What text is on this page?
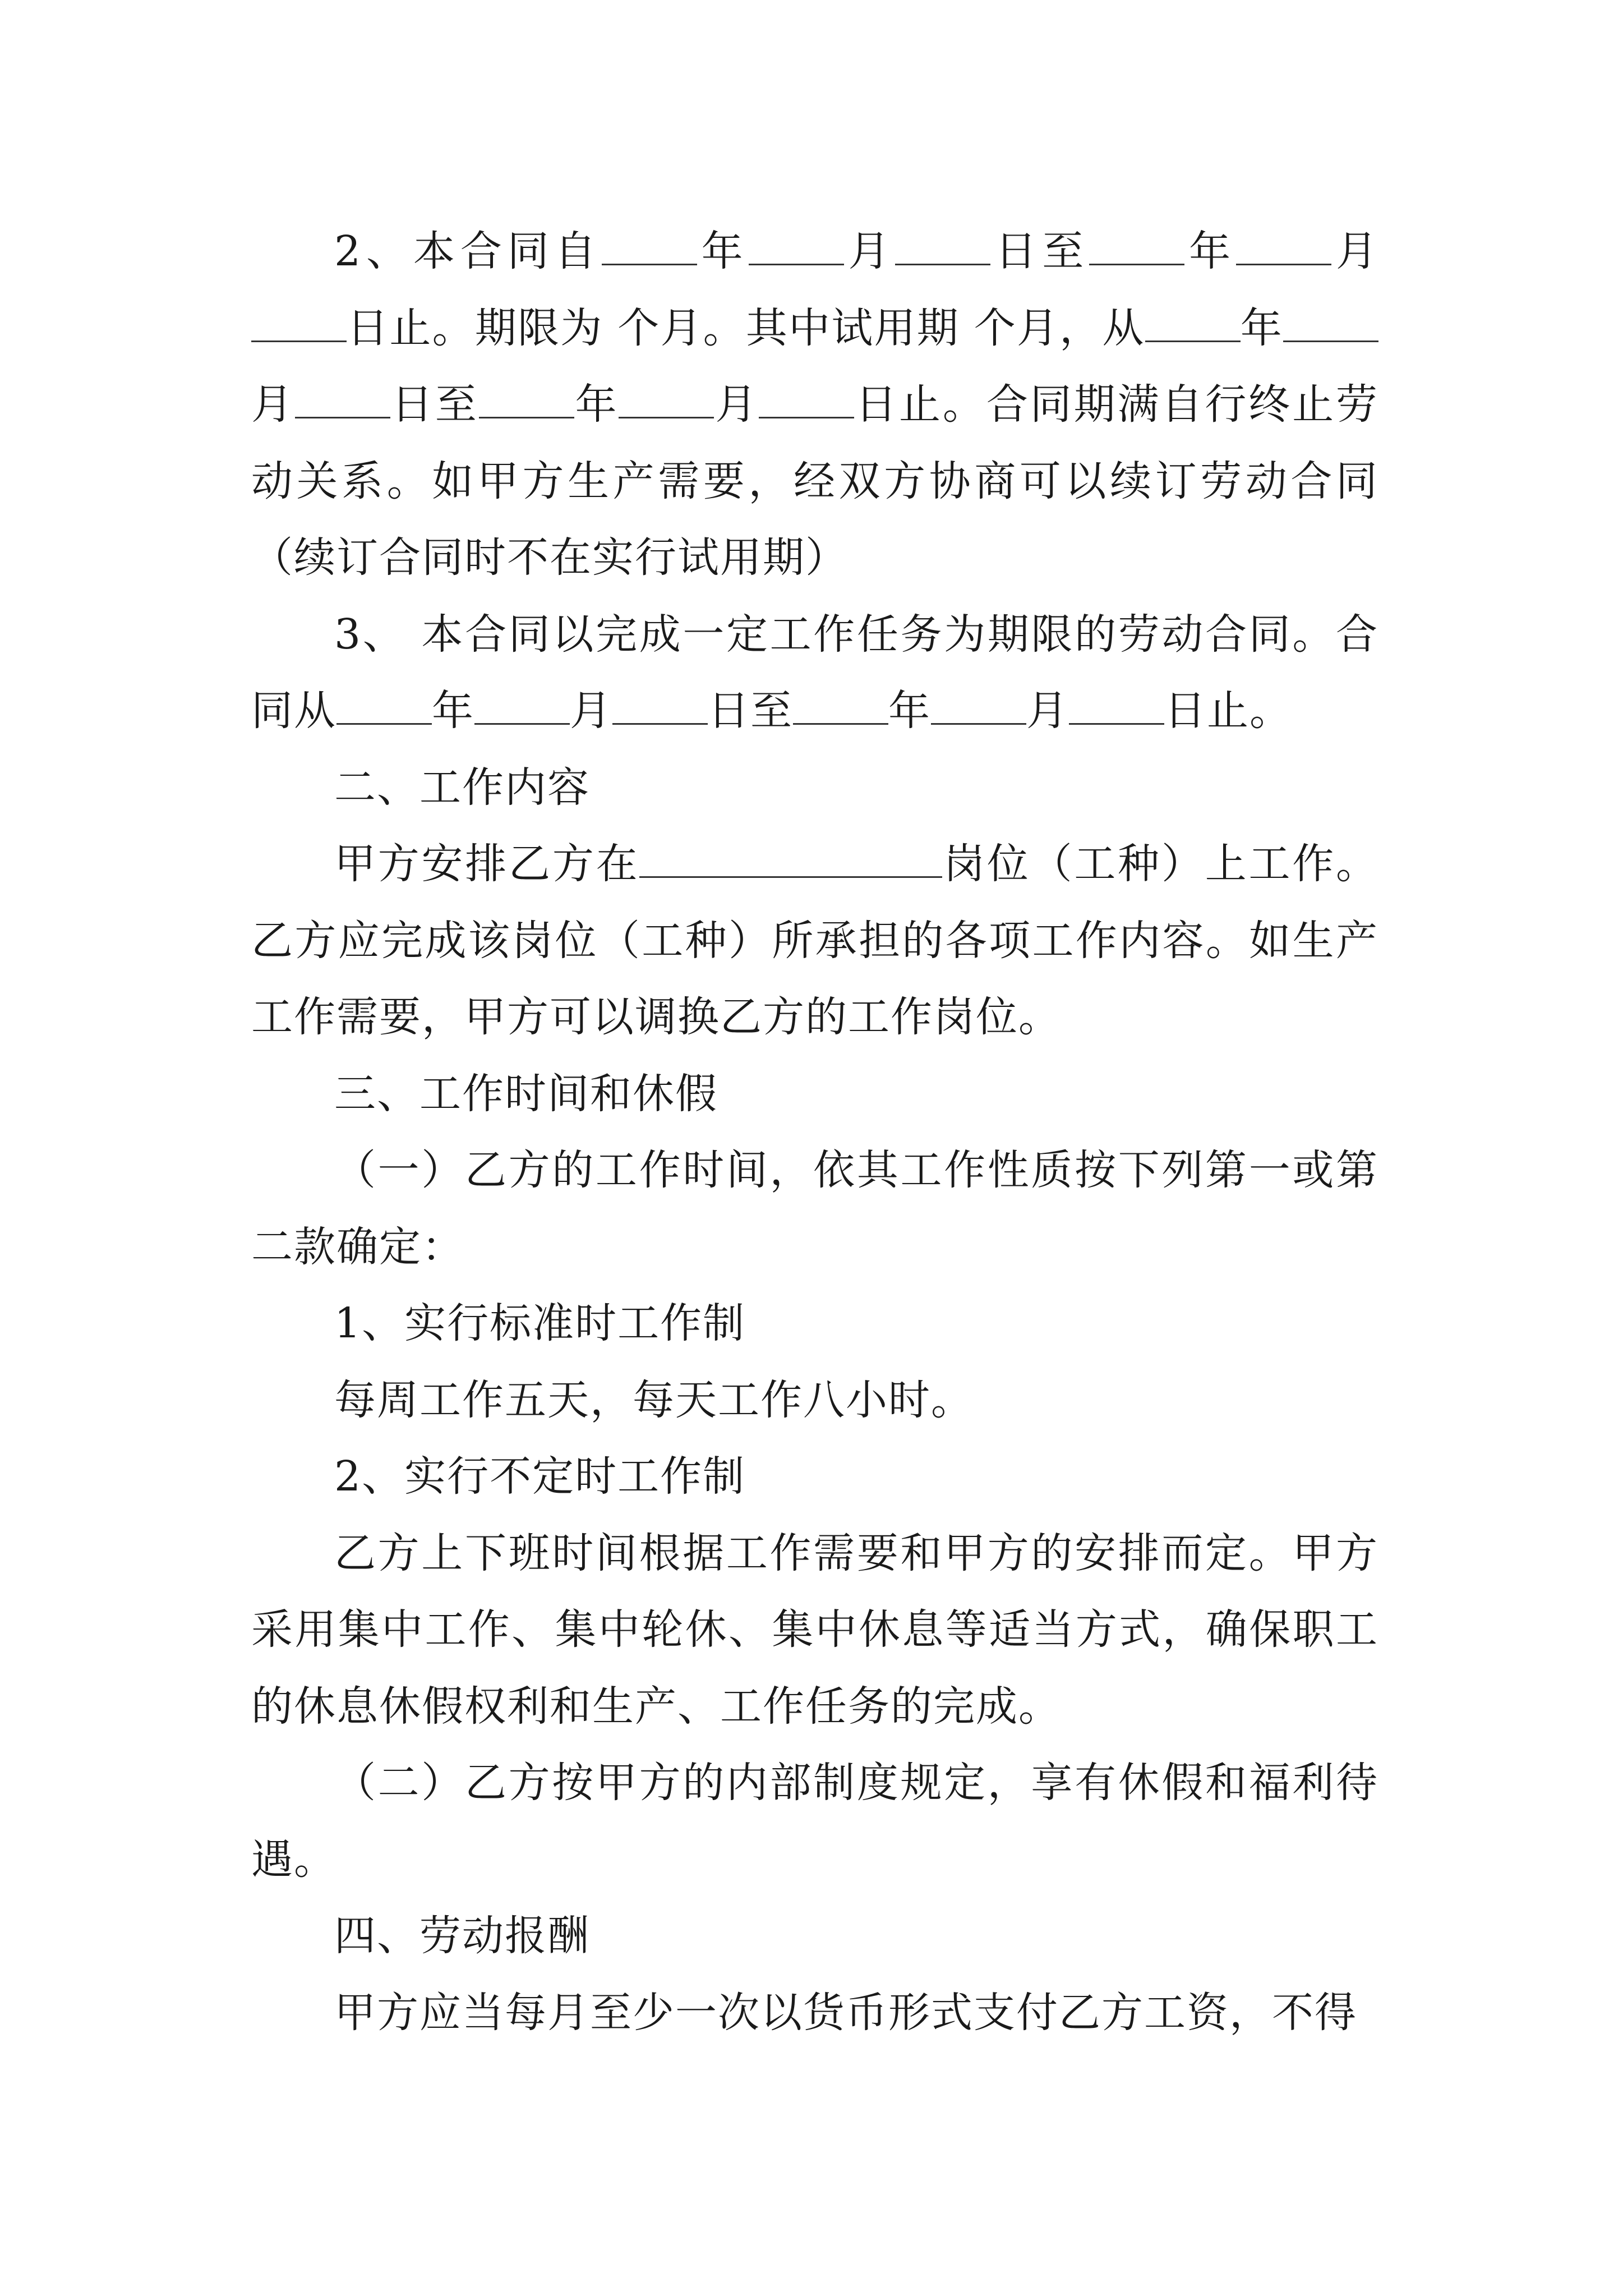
2、本合同自 年 月 日至 年 月日止。期限为 个月。其中试用期 个月，从 年月 日至 年 月 日止。合同期满自行终止劳动关系。如甲方生产需要，经双方协商可以续订劳动合同（续订合同时不在实行试用期）

3、 本合同以完成一定工作任务为期限的劳动合同。合同从 年 月 日至 年 月 日止。

二、工作内容

甲方安排乙方在	岗位（工种）上工作。乙方应完成该岗位（工种）所承担的各项工作内容。如生产工作需要，甲方可以调换乙方的工作岗位。

三、工作时间和休假

（一）乙方的工作时间，依其工作性质按下列第一或第二款确定：

1、实行标准时工作制

每周工作五天，每天工作八小时。

2、实行不定时工作制

乙方上下班时间根据工作需要和甲方的安排而定。甲方采用集中工作、集中轮休、集中休息等适当方式，确保职工的休息休假权利和生产、工作任务的完成。

（二）乙方按甲方的内部制度规定，享有休假和福利待遇。

四、劳动报酬

甲方应当每月至少一次以货币形式支付乙方工资，不得
